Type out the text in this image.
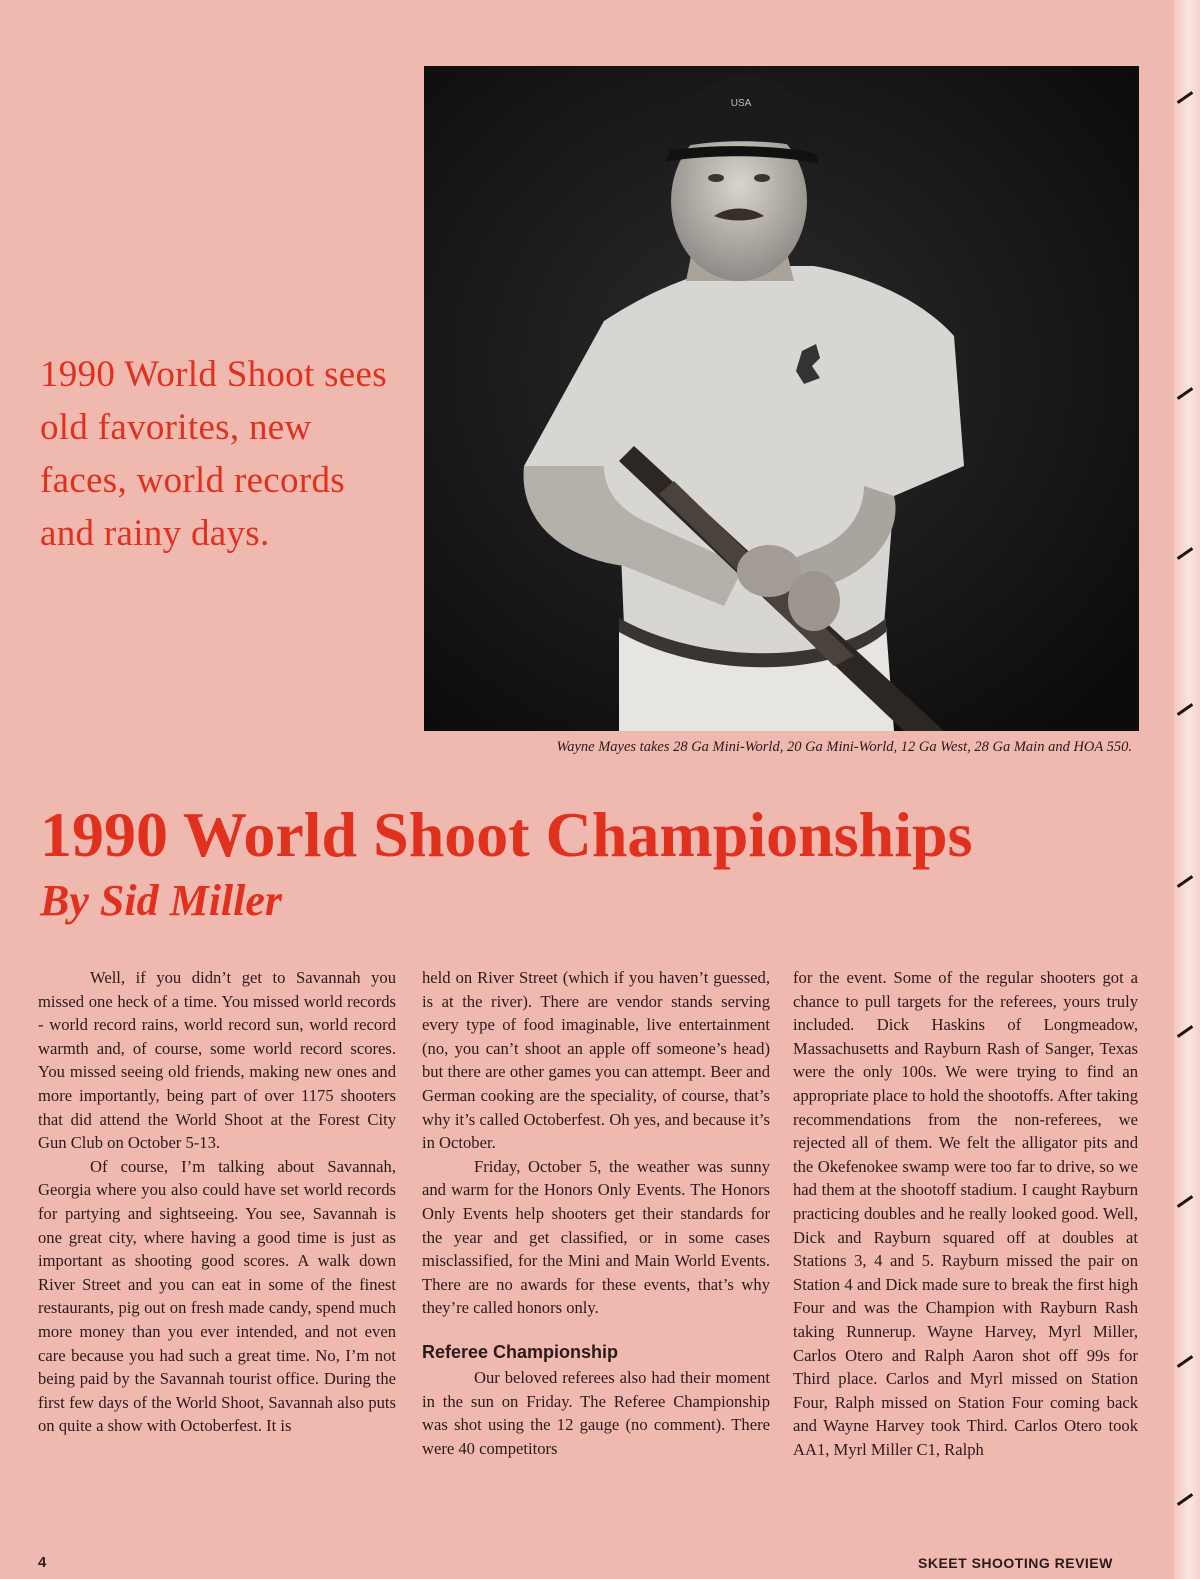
1990 World Shoot sees old favorites, new faces, world records and rainy days.
USA
Wayne Mayes takes 28 Ga Mini-World, 20 Ga Mini-World, 12 Ga West, 28 Ga Main and HOA 550.
1990 World Shoot Championships
By Sid Miller

Well, if you didn’t get to Savannah you missed one heck of a time. You missed world records - world record rains, world record sun, world record warmth and, of course, some world record scores. You missed seeing old friends, making new ones and more importantly, being part of over 1175 shooters that did attend the World Shoot at the Forest City Gun Club on October 5-13.

Of course, I’m talking about Savannah, Georgia where you also could have set world records for partying and sightseeing. You see, Savannah is one great city, where having a good time is just as important as shooting good scores. A walk down River Street and you can eat in some of the finest restaurants, pig out on fresh made candy, spend much more money than you ever intended, and not even care because you had such a great time. No, I’m not being paid by the Savannah tourist office. During the first few days of the World Shoot, Savannah also puts on quite a show with Octoberfest. It is

held on River Street (which if you haven’t guessed, is at the river). There are vendor stands serving every type of food imaginable, live entertainment (no, you can’t shoot an apple off someone’s head) but there are other games you can attempt. Beer and German cooking are the speciality, of course, that’s why it’s called Octoberfest. Oh yes, and because it’s in October.

Friday, October 5, the weather was sunny and warm for the Honors Only Events. The Honors Only Events help shooters get their standards for the year and get classified, or in some cases misclassified, for the Mini and Main World Events. There are no awards for these events, that’s why they’re called honors only.

Referee Championship

Our beloved referees also had their moment in the sun on Friday. The Referee Championship was shot using the 12 gauge (no comment). There were 40 competitors

for the event. Some of the regular shooters got a chance to pull targets for the referees, yours truly included. Dick Haskins of Longmeadow, Massachusetts and Rayburn Rash of Sanger, Texas were the only 100s. We were trying to find an appropriate place to hold the shootoffs. After taking recommendations from the non-referees, we rejected all of them. We felt the alligator pits and the Okefenokee swamp were too far to drive, so we had them at the shootoff stadium. I caught Rayburn practicing doubles and he really looked good. Well, Dick and Rayburn squared off at doubles at Stations 3, 4 and 5. Rayburn missed the pair on Station 4 and Dick made sure to break the first high Four and was the Champion with Rayburn Rash taking Runnerup. Wayne Harvey, Myrl Miller, Carlos Otero and Ralph Aaron shot off 99s for Third place. Carlos and Myrl missed on Station Four, Ralph missed on Station Four coming back and Wayne Harvey took Third. Carlos Otero took AA1, Myrl Miller C1, Ralph

4	SKEET SHOOTING REVIEW
